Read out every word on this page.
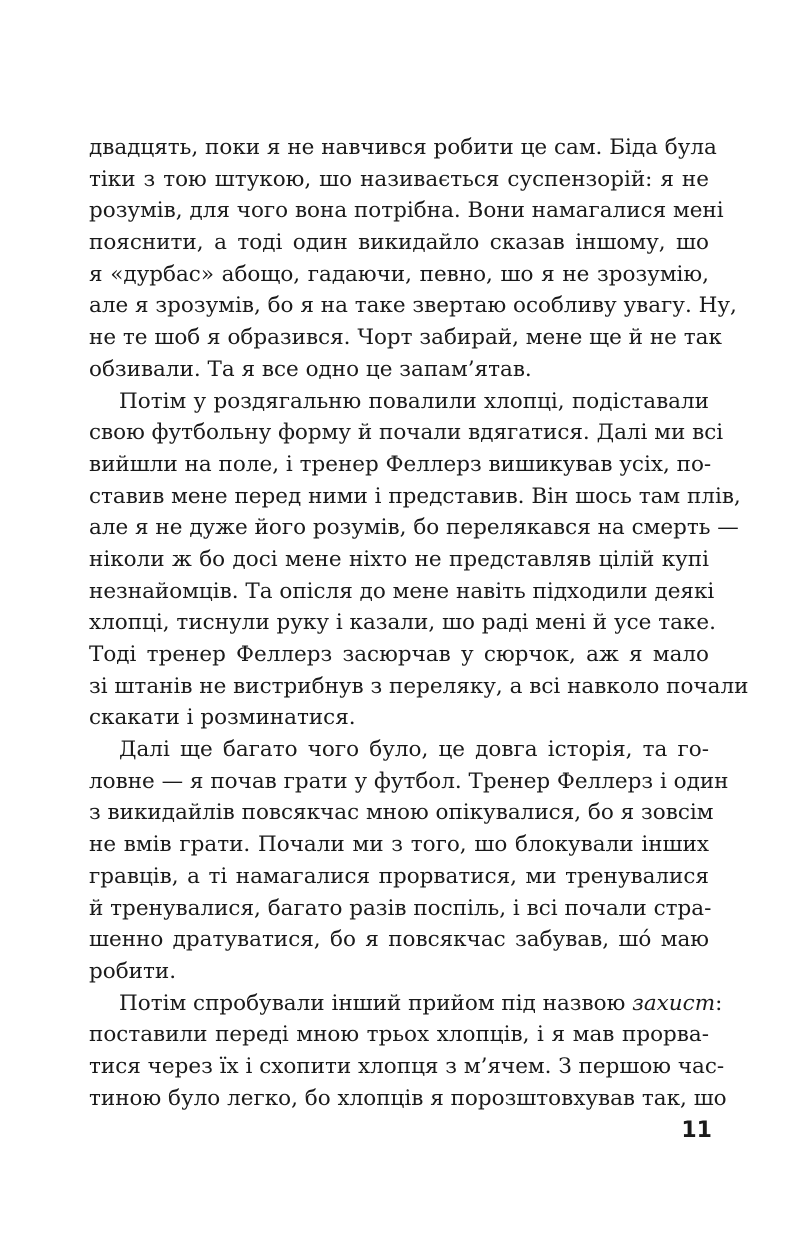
двадцять, поки я не навчився робити це сам. Біда була
тіки з тою штукою, шо називається суспензорій: я не
розумів, для чого вона потрібна. Вони намагалися мені
пояснити, а тоді один викидайло сказав іншому, шо
я «дурбас» абощо, гадаючи, певно, шо я не зрозумію,
але я зрозумів, бо я на таке звертаю особливу увагу. Ну,
не те шоб я образився. Чорт забирай, мене ще й не так
обзивали. Та я все одно це запам’ятав.
Потім у роздягальню повалили хлопці, подіставали
свою футбольну форму й почали вдягатися. Далі ми всі
вийшли на поле, і тренер Феллерз вишикував усіх, по-
ставив мене перед ними і представив. Він шось там плів,
але я не дуже його розумів, бо перелякався на смерть —
ніколи ж бо досі мене ніхто не представляв цілій купі
незнайомців. Та опісля до мене навіть підходили деякі
хлопці, тиснули руку і казали, шо раді мені й усе таке.
Тоді тренер Феллерз засюрчав у сюрчок, аж я мало
зі штанів не вистрибнув з переляку, а всі навколо почали
скакати і розминатися.
Далі ще багато чого було, це довга історія, та го-
ловне — я почав грати у футбол. Тренер Феллерз і один
з викидайлів повсякчас мною опікувалися, бо я зовсім
не вмів грати. Почали ми з того, шо блокували інших
гравців, а ті намагалися прорватися, ми тренувалися
й тренувалися, багато разів поспіль, і всі почали стра-
шенно дратуватися, бо я повсякчас забував, шó маю
робити.
Потім спробували інший прийом під назвою захист:
поставили переді мною трьох хлопців, і я мав прорва-
тися через їх і схопити хлопця з м’ячем. З першою час-
тиною було легко, бо хлопців я порозштовхував так, шо
11
